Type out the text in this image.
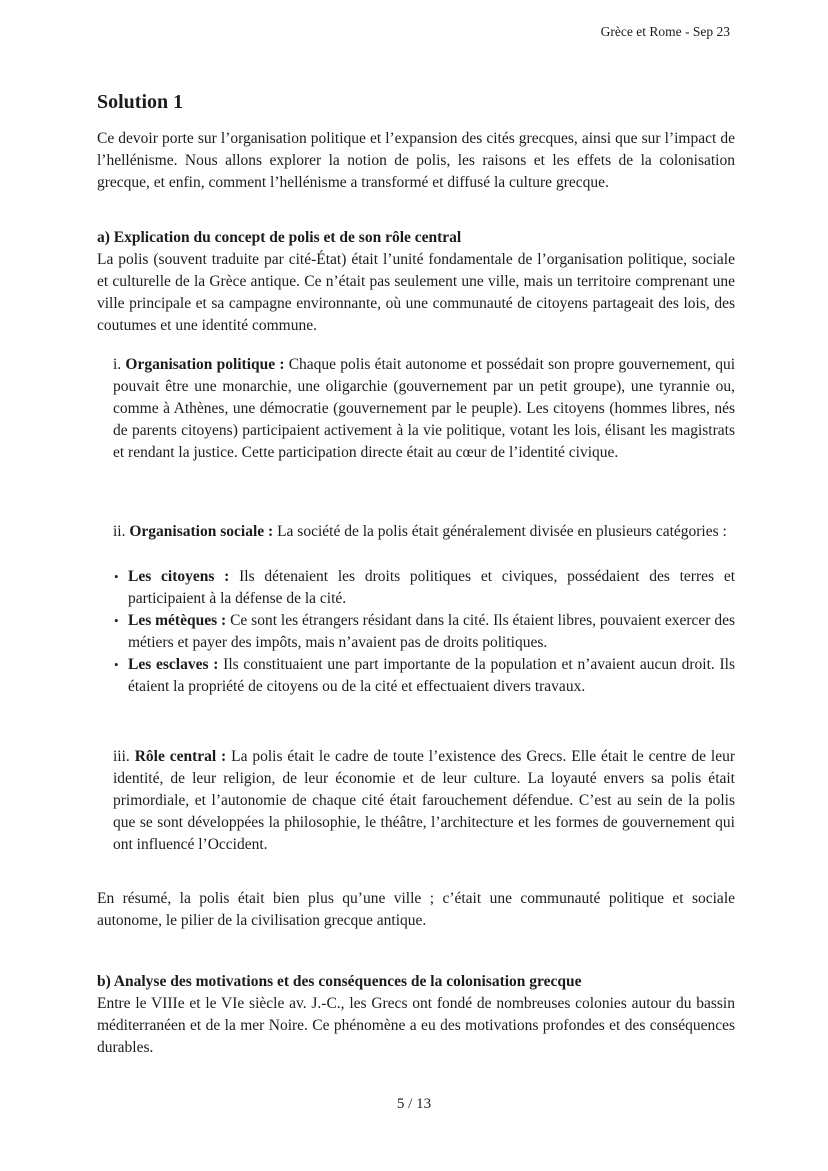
Grèce et Rome - Sep 23
Solution 1

Ce devoir porte sur l’organisation politique et l’expansion des cités grecques, ainsi que sur l’impact de l’hellénisme. Nous allons explorer la notion de polis, les raisons et les effets de la colonisation grecque, et enfin, comment l’hellénisme a transformé et diffusé la culture grecque.

a) Explication du concept de polis et de son rôle central

La polis (souvent traduite par cité-État) était l’unité fondamentale de l’organisation politique, sociale et culturelle de la Grèce antique. Ce n’était pas seulement une ville, mais un territoire comprenant une ville principale et sa campagne environnante, où une communauté de citoyens partageait des lois, des coutumes et une identité commune.

i. Organisation politique : Chaque polis était autonome et possédait son propre gouvernement, qui pouvait être une monarchie, une oligarchie (gouvernement par un petit groupe), une tyrannie ou, comme à Athènes, une démocratie (gouvernement par le peuple). Les citoyens (hommes libres, nés de parents citoyens) participaient activement à la vie politique, votant les lois, élisant les magistrats et rendant la justice. Cette participation directe était au cœur de l’identité civique.

ii. Organisation sociale : La société de la polis était généralement divisée en plusieurs catégories :

• Les citoyens : Ils détenaient les droits politiques et civiques, possédaient des terres et participaient à la défense de la cité.
• Les métèques : Ce sont les étrangers résidant dans la cité. Ils étaient libres, pouvaient exercer des métiers et payer des impôts, mais n’avaient pas de droits politiques.
• Les esclaves : Ils constituaient une part importante de la population et n’avaient aucun droit. Ils étaient la propriété de citoyens ou de la cité et effectuaient divers travaux.

iii. Rôle central : La polis était le cadre de toute l’existence des Grecs. Elle était le centre de leur identité, de leur religion, de leur économie et de leur culture. La loyauté envers sa polis était primordiale, et l’autonomie de chaque cité était farouchement défendue. C’est au sein de la polis que se sont développées la philosophie, le théâtre, l’architecture et les formes de gouvernement qui ont influencé l’Occident.

En résumé, la polis était bien plus qu’une ville ; c’était une communauté politique et sociale autonome, le pilier de la civilisation grecque antique.

b) Analyse des motivations et des conséquences de la colonisation grecque

Entre le VIIIe et le VIe siècle av. J.-C., les Grecs ont fondé de nombreuses colonies autour du bassin méditerranéen et de la mer Noire. Ce phénomène a eu des motivations profondes et des conséquences durables.

5 / 13
